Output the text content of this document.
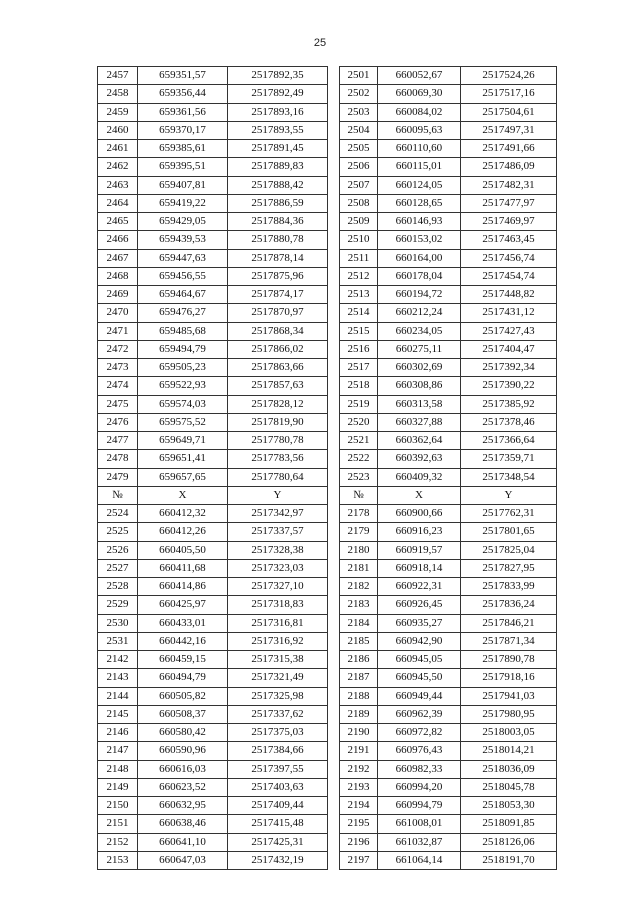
25
2457	659351,57	2517892,35		2501	660052,67	2517524,26
2458	659356,44	2517892,49		2502	660069,30	2517517,16
2459	659361,56	2517893,16		2503	660084,02	2517504,61
2460	659370,17	2517893,55		2504	660095,63	2517497,31
2461	659385,61	2517891,45		2505	660110,60	2517491,66
2462	659395,51	2517889,83		2506	660115,01	2517486,09
2463	659407,81	2517888,42		2507	660124,05	2517482,31
2464	659419,22	2517886,59		2508	660128,65	2517477,97
2465	659429,05	2517884,36		2509	660146,93	2517469,97
2466	659439,53	2517880,78		2510	660153,02	2517463,45
2467	659447,63	2517878,14		2511	660164,00	2517456,74
2468	659456,55	2517875,96		2512	660178,04	2517454,74
2469	659464,67	2517874,17		2513	660194,72	2517448,82
2470	659476,27	2517870,97		2514	660212,24	2517431,12
2471	659485,68	2517868,34		2515	660234,05	2517427,43
2472	659494,79	2517866,02		2516	660275,11	2517404,47
2473	659505,23	2517863,66		2517	660302,69	2517392,34
2474	659522,93	2517857,63		2518	660308,86	2517390,22
2475	659574,03	2517828,12		2519	660313,58	2517385,92
2476	659575,52	2517819,90		2520	660327,88	2517378,46
2477	659649,71	2517780,78		2521	660362,64	2517366,64
2478	659651,41	2517783,56		2522	660392,63	2517359,71
2479	659657,65	2517780,64		2523	660409,32	2517348,54
№	X	Y		№	X	Y
2524	660412,32	2517342,97		2178	660900,66	2517762,31
2525	660412,26	2517337,57		2179	660916,23	2517801,65
2526	660405,50	2517328,38		2180	660919,57	2517825,04
2527	660411,68	2517323,03		2181	660918,14	2517827,95
2528	660414,86	2517327,10		2182	660922,31	2517833,99
2529	660425,97	2517318,83		2183	660926,45	2517836,24
2530	660433,01	2517316,81		2184	660935,27	2517846,21
2531	660442,16	2517316,92		2185	660942,90	2517871,34
2142	660459,15	2517315,38		2186	660945,05	2517890,78
2143	660494,79	2517321,49		2187	660945,50	2517918,16
2144	660505,82	2517325,98		2188	660949,44	2517941,03
2145	660508,37	2517337,62		2189	660962,39	2517980,95
2146	660580,42	2517375,03		2190	660972,82	2518003,05
2147	660590,96	2517384,66		2191	660976,43	2518014,21
2148	660616,03	2517397,55		2192	660982,33	2518036,09
2149	660623,52	2517403,63		2193	660994,20	2518045,78
2150	660632,95	2517409,44		2194	660994,79	2518053,30
2151	660638,46	2517415,48		2195	661008,01	2518091,85
2152	660641,10	2517425,31		2196	661032,87	2518126,06
2153	660647,03	2517432,19		2197	661064,14	2518191,70
